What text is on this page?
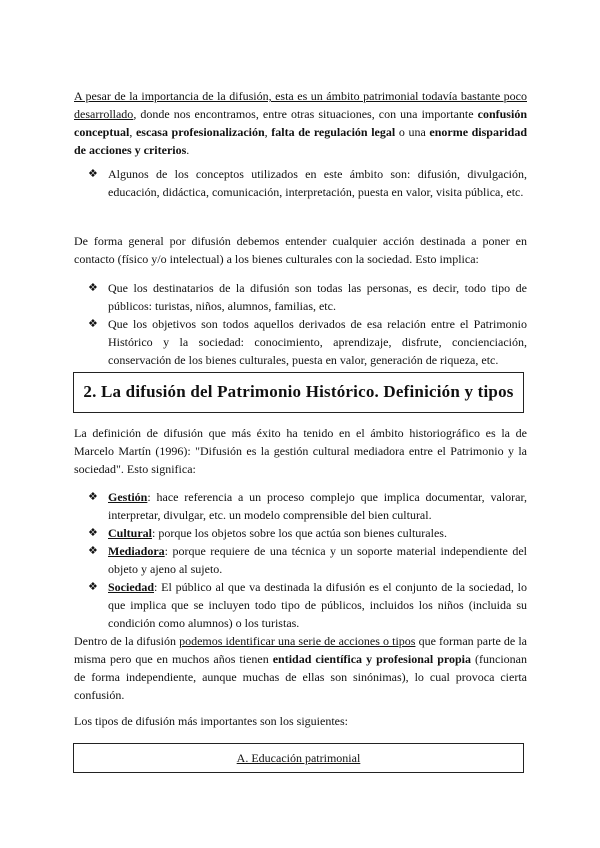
A pesar de la importancia de la difusión, esta es un ámbito patrimonial todavía bastante poco desarrollado, donde nos encontramos, entre otras situaciones, con una importante confusión conceptual, escasa profesionalización, falta de regulación legal o una enorme disparidad de acciones y criterios.

❖ Algunos de los conceptos utilizados en este ámbito son: difusión, divulgación, educación, didáctica, comunicación, interpretación, puesta en valor, visita pública, etc.

De forma general por difusión debemos entender cualquier acción destinada a poner en contacto (físico y/o intelectual) a los bienes culturales con la sociedad. Esto implica:

❖ Que los destinatarios de la difusión son todas las personas, es decir, todo tipo de públicos: turistas, niños, alumnos, familias, etc.
❖ Que los objetivos son todos aquellos derivados de esa relación entre el Patrimonio Histórico y la sociedad: conocimiento, aprendizaje, disfrute, concienciación, conservación de los bienes culturales, puesta en valor, generación de riqueza, etc.
2. La difusión del Patrimonio Histórico. Definición y tipos

La definición de difusión que más éxito ha tenido en el ámbito historiográfico es la de Marcelo Martín (1996): "Difusión es la gestión cultural mediadora entre el Patrimonio y la sociedad". Esto significa:

❖ Gestión: hace referencia a un proceso complejo que implica documentar, valorar, interpretar, divulgar, etc. un modelo comprensible del bien cultural.
❖ Cultural: porque los objetos sobre los que actúa son bienes culturales.
❖ Mediadora: porque requiere de una técnica y un soporte material independiente del objeto y ajeno al sujeto.
❖ Sociedad: El público al que va destinada la difusión es el conjunto de la sociedad, lo que implica que se incluyen todo tipo de públicos, incluidos los niños (incluida su condición como alumnos) o los turistas.

Dentro de la difusión podemos identificar una serie de acciones o tipos que forman parte de la misma pero que en muchos años tienen entidad científica y profesional propia (funcionan de forma independiente, aunque muchas de ellas son sinónimas), lo cual provoca cierta confusión.

Los tipos de difusión más importantes son los siguientes:

A. Educación patrimonial
